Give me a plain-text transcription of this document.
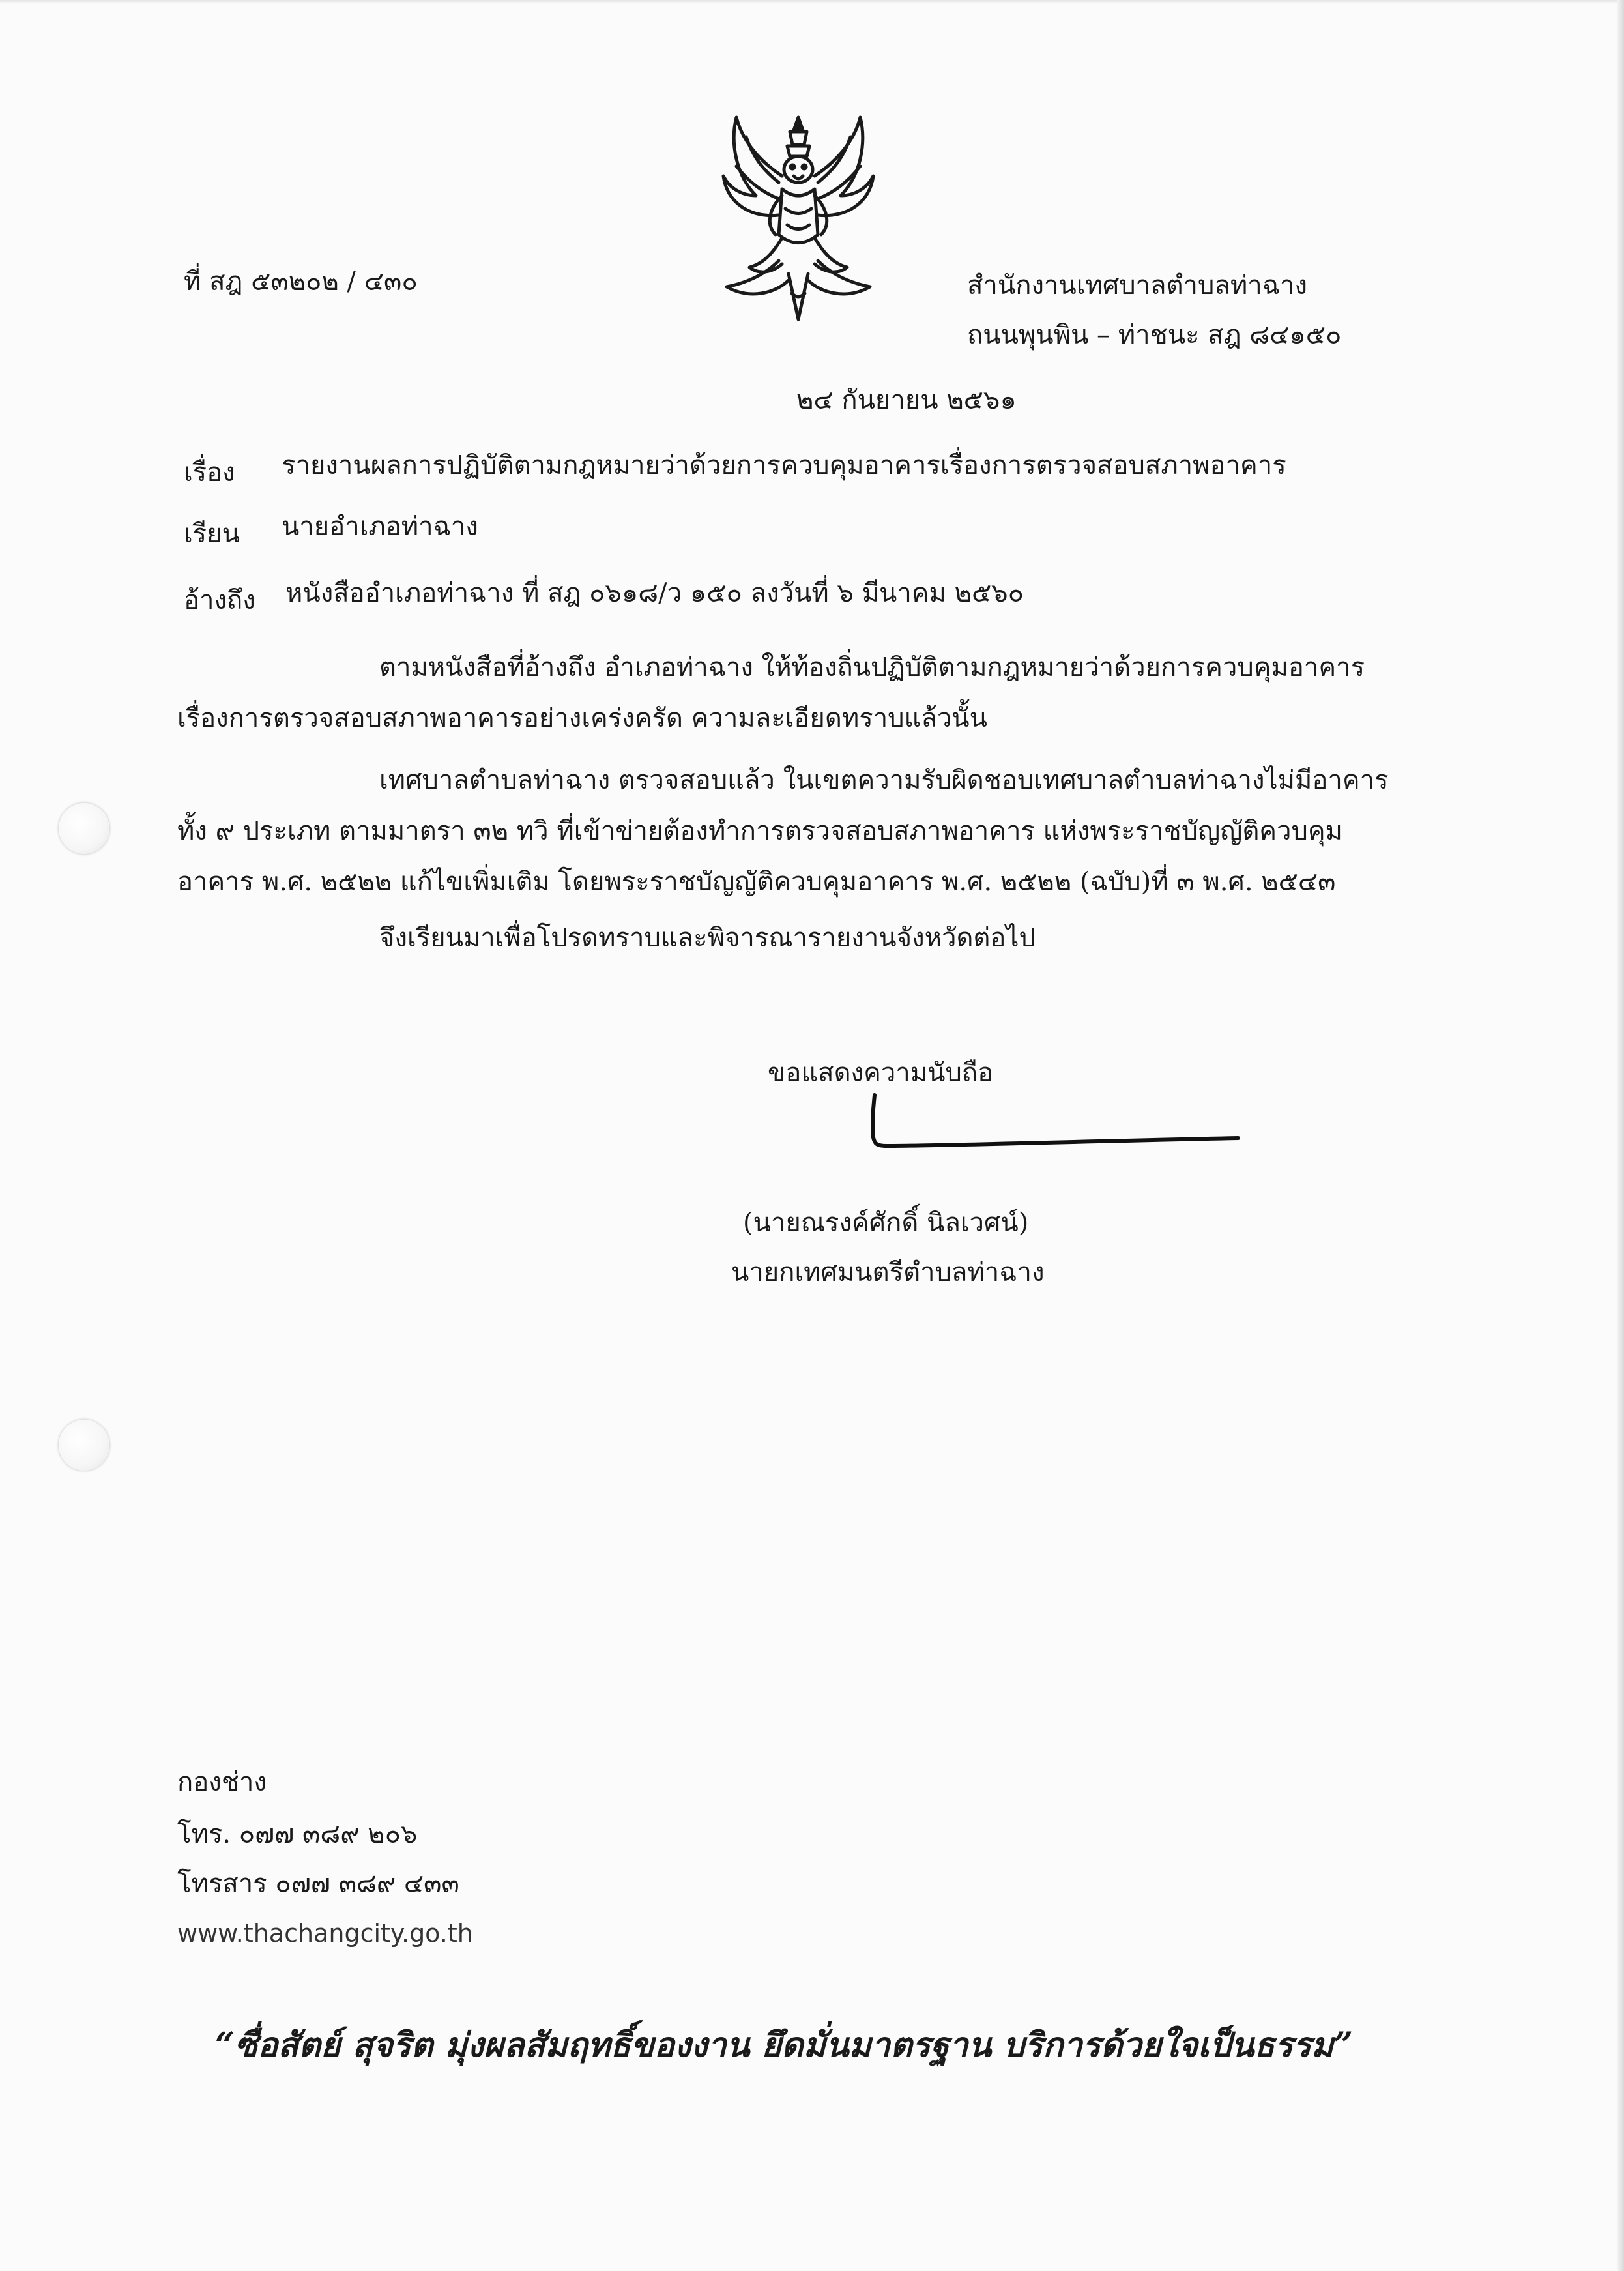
ที่ สฎ ๕๓๒๐๒ / ๔๓๐	สำนักงานเทศบาลตำบลท่าฉาง
ถนนพุนพิน – ท่าชนะ สฎ ๘๔๑๕๐
๒๔ กันยายน ๒๕๖๑
เรื่อง รายงานผลการปฏิบัติตามกฎหมายว่าด้วยการควบคุมอาคารเรื่องการตรวจสอบสภาพอาคาร
เรียน นายอำเภอท่าฉาง
อ้างถึง หนังสืออำเภอท่าฉาง ที่ สฎ ๐๖๑๘/ว ๑๕๐ ลงวันที่ ๖ มีนาคม ๒๕๖๐
ตามหนังสือที่อ้างถึง อำเภอท่าฉาง ให้ท้องถิ่นปฏิบัติตามกฎหมายว่าด้วยการควบคุมอาคาร
เรื่องการตรวจสอบสภาพอาคารอย่างเคร่งครัด ความละเอียดทราบแล้วนั้น
เทศบาลตำบลท่าฉาง ตรวจสอบแล้ว ในเขตความรับผิดชอบเทศบาลตำบลท่าฉางไม่มีอาคาร
ทั้ง ๙ ประเภท ตามมาตรา ๓๒ ทวิ ที่เข้าข่ายต้องทำการตรวจสอบสภาพอาคาร แห่งพระราชบัญญัติควบคุม
อาคาร พ.ศ. ๒๕๒๒ แก้ไขเพิ่มเติม โดยพระราชบัญญัติควบคุมอาคาร พ.ศ. ๒๕๒๒ (ฉบับ)ที่ ๓ พ.ศ. ๒๕๔๓
จึงเรียนมาเพื่อโปรดทราบและพิจารณารายงานจังหวัดต่อไป
ขอแสดงความนับถือ
(นายณรงค์ศักดิ์ นิลเวศน์)
นายกเทศมนตรีตำบลท่าฉาง
กองช่าง
โทร. ๐๗๗ ๓๘๙ ๒๐๖
โทรสาร ๐๗๗ ๓๘๙ ๔๓๓
www.thachangcity.go.th
“ซื่อสัตย์ สุจริต มุ่งผลสัมฤทธิ์ของงาน ยึดมั่นมาตรฐาน บริการด้วยใจเป็นธรรม”
